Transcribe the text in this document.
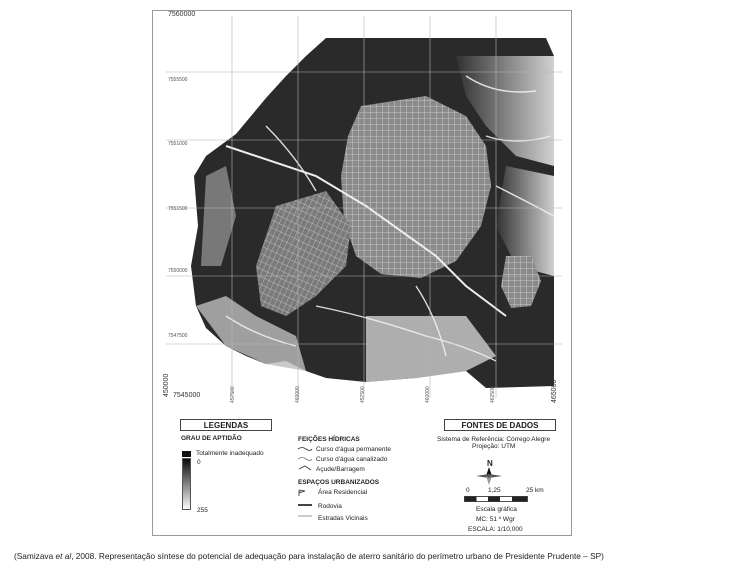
7560000
7555500
7551000
7551500
7550000
7547500
7545000
450000	457500	460000	457500	460000	462500	465000
LEGENDAS
GRAU DE APTIDÃO
Totalmente inadequado
0
255
FEIÇÕES HÍDRICAS
Curso d'água permanente
Curso d'água canalizado
Açude/Barragem
ESPAÇOS URBANIZADOS
Área Residencial
Rodovia
Estradas Vicinais
FONTES DE DADOS
Sistema de Referência: Córrego Alegre
Projeção: UTM
N
0	1,25	25 km
Escala gráfica
MC: 51 º Wgr
ESCALA: 1/10,000
(Samizava et al, 2008. Representação síntese do potencial de adequação para instalação de aterro sanitário do perímetro urbano de Presidente Prudente – SP)
